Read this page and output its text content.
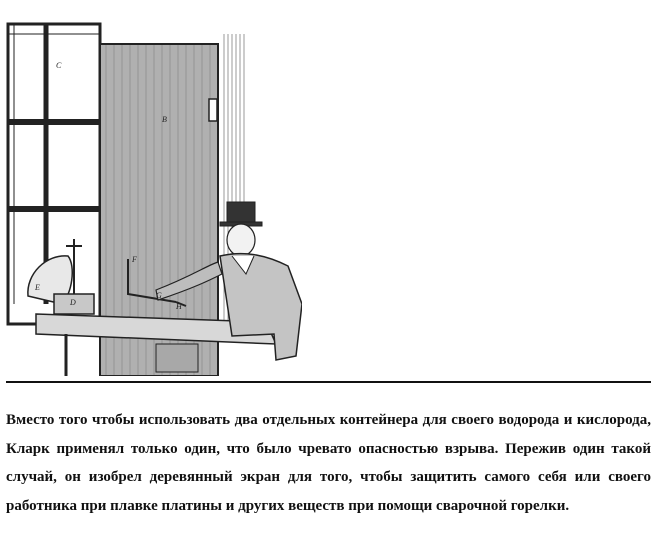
C
B
F
E
D
G
H

Вместо того чтобы использовать два отдельных контейнера для своего водорода и кислорода, Кларк применял только один, что было чревато опасностью взрыва. Пережив один такой случай, он изобрел деревянный экран для того, чтобы защитить самого себя или своего работника при плавке платины и других веществ при помощи сварочной горелки.
